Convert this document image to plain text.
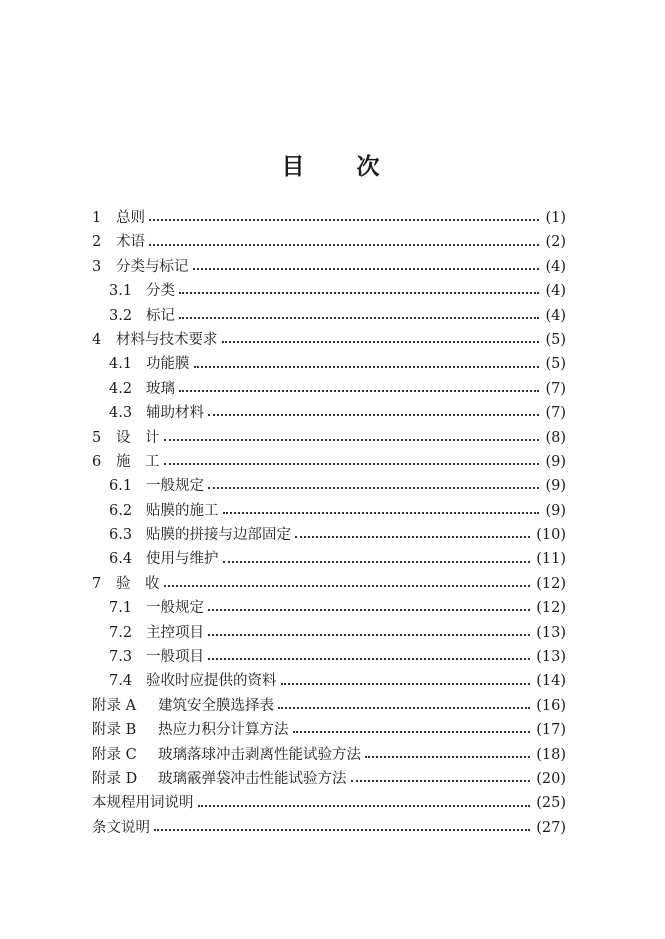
目 次
1	总则	(1)
2	术语	(2)
3	分类与标记	(4)
3.1 分类	(4)
3.2 标记	(4)
4	材料与技术要求	(5)
4.1 功能膜	(5)
4.2 玻璃	(7)
4.3 辅助材料	(7)
5	设　计	(8)
6	施　工	(9)
6.1 一般规定	(9)
6.2 贴膜的施工	(9)
6.3 贴膜的拼接与边部固定	(10)
6.4 使用与维护	(11)
7	验　收	(12)
7.1 一般规定	(12)
7.2 主控项目	(13)
7.3 一般项目	(13)
7.4 验收时应提供的资料	(14)
附录 A	建筑安全膜选择表	(16)
附录 B	热应力积分计算方法	(17)
附录 C	玻璃落球冲击剥离性能试验方法	(18)
附录 D	玻璃霰弹袋冲击性能试验方法	(20)
本规程用词说明	(25)
条文说明	(27)
